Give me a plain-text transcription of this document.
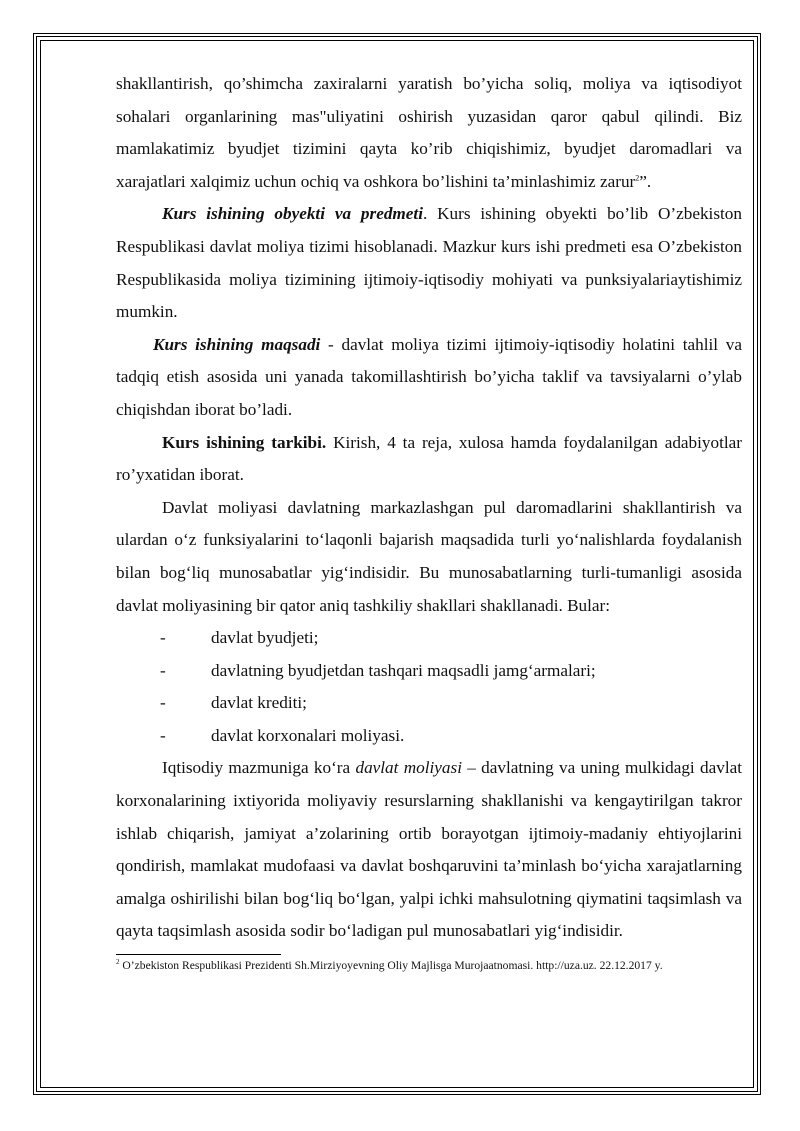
shakllantirish, qo’shimcha zaxiralarni yaratish bo’yicha soliq, moliya va iqtisodiyot sohalari organlarining mas"uliyatini oshirish yuzasidan qaror qabul qilindi. Biz mamlakatimiz byudjet tizimini qayta ko’rib chiqishimiz, byudjet daromadlari va xarajatlari xalqimiz uchun ochiq va oshkora bo’lishini ta’minlashimiz zarur$^2$”.

Kurs ishining obyekti va predmeti. Kurs ishining obyekti bo’lib O’zbekiston Respublikasi davlat moliya tizimi hisoblanadi. Mazkur kurs ishi predmeti esa O’zbekiston Respublikasida moliya tizimining ijtimoiy-iqtisodiy mohiyati va punksiyalariaytishimiz mumkin.

Kurs ishining maqsadi - davlat moliya tizimi ijtimoiy-iqtisodiy holatini tahlil va tadqiq etish asosida uni yanada takomillashtirish bo’yicha taklif va tavsiyalarni o’ylab chiqishdan iborat bo’ladi.

Kurs ishining tarkibi. Kirish, 4 ta reja, xulosa hamda foydalanilgan adabiyotlar ro’yxatidan iborat.

Davlat moliyasi davlatning markazlashgan pul daromadlarini shakllantirish va ulardan o‘z funksiyalarini to‘laqonli bajarish maqsadida turli yo‘nalishlarda foydalanish bilan bog‘liq munosabatlar yig‘indisidir. Bu munosabatlarning turli-tumanligi asosida davlat moliyasining bir qator aniq tashkiliy shakllari shakllanadi. Bular:

-	davlat byudjeti;
-	davlatning byudjetdan tashqari maqsadli jamg‘armalari;
-	davlat krediti;
-	davlat korxonalari moliyasi.

Iqtisodiy mazmuniga ko‘ra davlat moliyasi – davlatning va uning mulkidagi davlat korxonalarining ixtiyorida moliyaviy resurslarning shakllanishi va kengaytirilgan takror ishlab chiqarish, jamiyat a’zolarining ortib borayotgan ijtimoiy-madaniy ehtiyojlarini qondirish, mamlakat mudofaasi va davlat boshqaruvini ta’minlash bo‘yicha xarajatlarning amalga oshirilishi bilan bog‘liq bo‘lgan, yalpi ichki mahsulotning qiymatini taqsimlash va qayta taqsimlash asosida sodir bo‘ladigan pul munosabatlari yig‘indisidir.

$^2$ O’zbekiston Respublikasi Prezidenti Sh.Mirziyoyevning Oliy Majlisga Murojaatnomasi. http://uza.uz. 22.12.2017 y.
